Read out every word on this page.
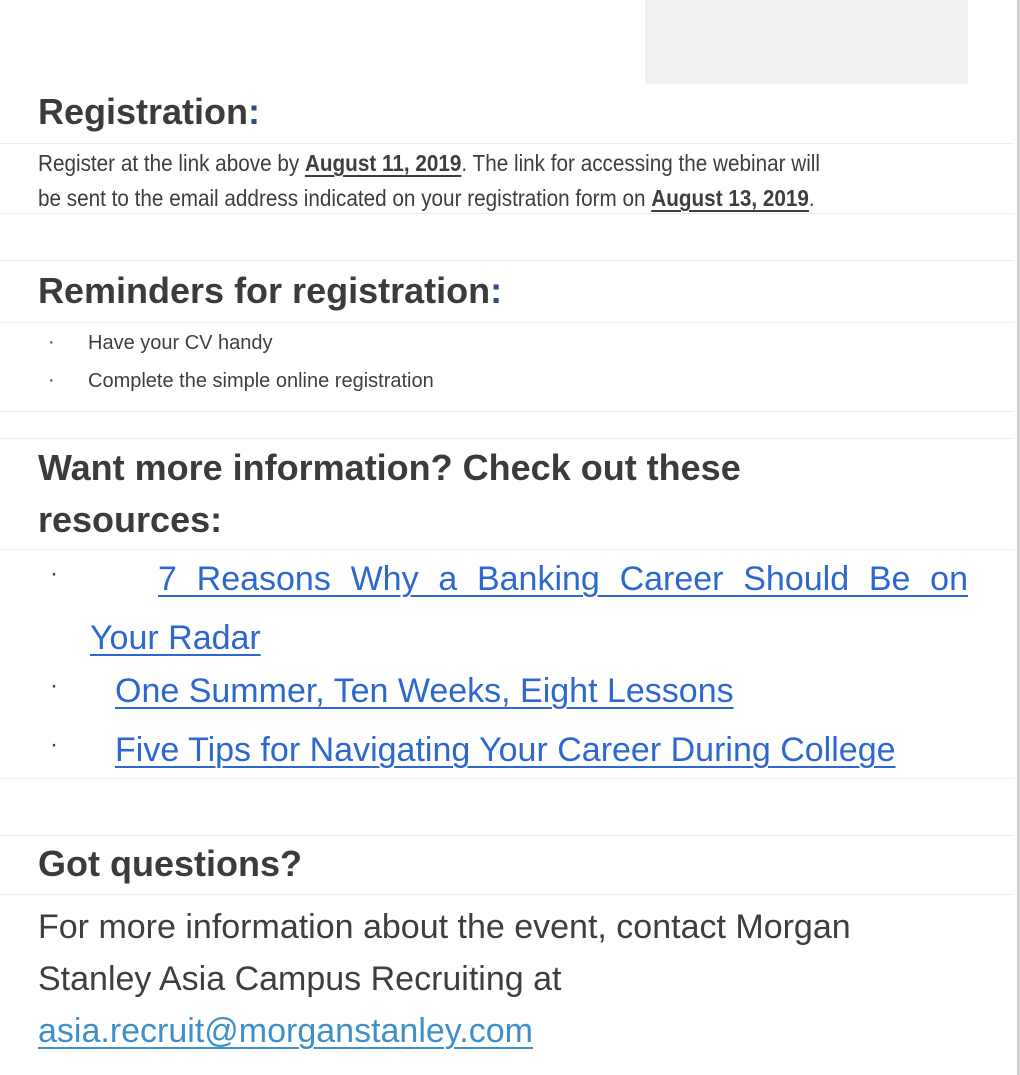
Registration:
Register at the link above by August 11, 2019. The link for accessing the webinar will
be sent to the email address indicated on your registration form on August 13, 2019.
Reminders for registration:
· Have your CV handy
· Complete the simple online registration
Want more information? Check out these
resources:
·	7 Reasons Why a Banking Career Should Be on
Your Radar
· One Summer, Ten Weeks, Eight Lessons
· Five Tips for Navigating Your Career During College
Got questions?
For more information about the event, contact Morgan
Stanley Asia Campus Recruiting at
asia.recruit@morganstanley.com
